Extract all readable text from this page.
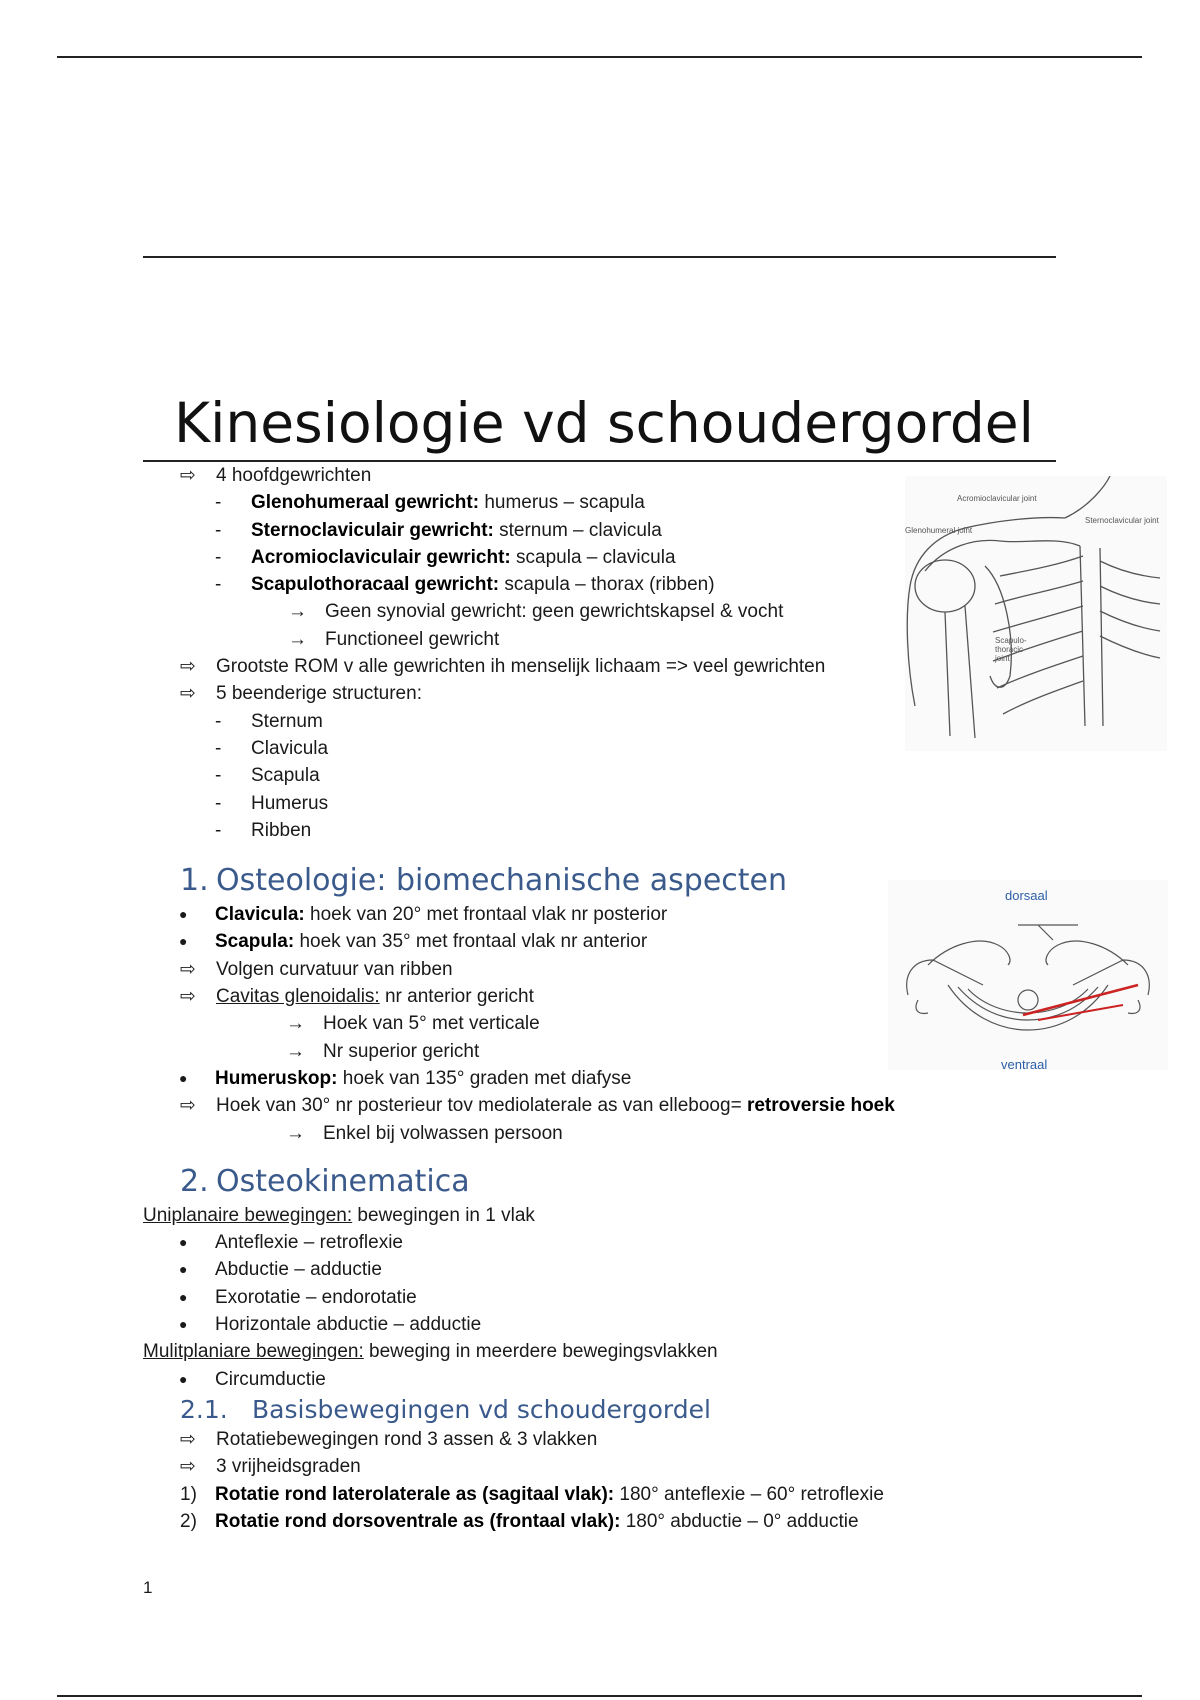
Kinesiologie vd schoudergordel
⇨ 4 hoofdgewrichten
- Glenohumeraal gewricht: humerus – scapula
- Sternoclaviculair gewricht: sternum – clavicula
- Acromioclaviculair gewricht: scapula – clavicula
- Scapulothoracaal gewricht: scapula – thorax (ribben)
→ Geen synovial gewricht: geen gewrichtskapsel & vocht
→ Functioneel gewricht
⇨ Grootste ROM v alle gewrichten ih menselijk lichaam => veel gewrichten
⇨ 5 beenderige structuren:
- Sternum
- Clavicula
- Scapula
- Humerus
- Ribben
1. Osteologie: biomechanische aspecten
● Clavicula: hoek van 20° met frontaal vlak nr posterior
● Scapula: hoek van 35° met frontaal vlak nr anterior
⇨ Volgen curvatuur van ribben
⇨ Cavitas glenoidalis: nr anterior gericht
→ Hoek van 5° met verticale
→ Nr superior gericht
● Humeruskop: hoek van 135° graden met diafyse
⇨ Hoek van 30° nr posterieur tov mediolaterale as van elleboog= retroversie hoek
→ Enkel bij volwassen persoon
2. Osteokinematica
Uniplanaire bewegingen: bewegingen in 1 vlak
● Anteflexie – retroflexie
● Abductie – adductie
● Exorotatie – endorotatie
● Horizontale abductie – adductie
Mulitplaniare bewegingen: beweging in meerdere bewegingsvlakken
● Circumductie
2.1. Basisbewegingen vd schoudergordel
⇨ Rotatiebewegingen rond 3 assen & 3 vlakken
⇨ 3 vrijheidsgraden
1) Rotatie rond laterolaterale as (sagitaal vlak): 180° anteflexie – 60° retroflexie
2) Rotatie rond dorsoventrale as (frontaal vlak): 180° abductie – 0° adductie
Acromioclavicular joint
Glenohumeral joint
Sternoclavicular joint
Scapulo-thoracic joint
dorsaal
ventraal
1
